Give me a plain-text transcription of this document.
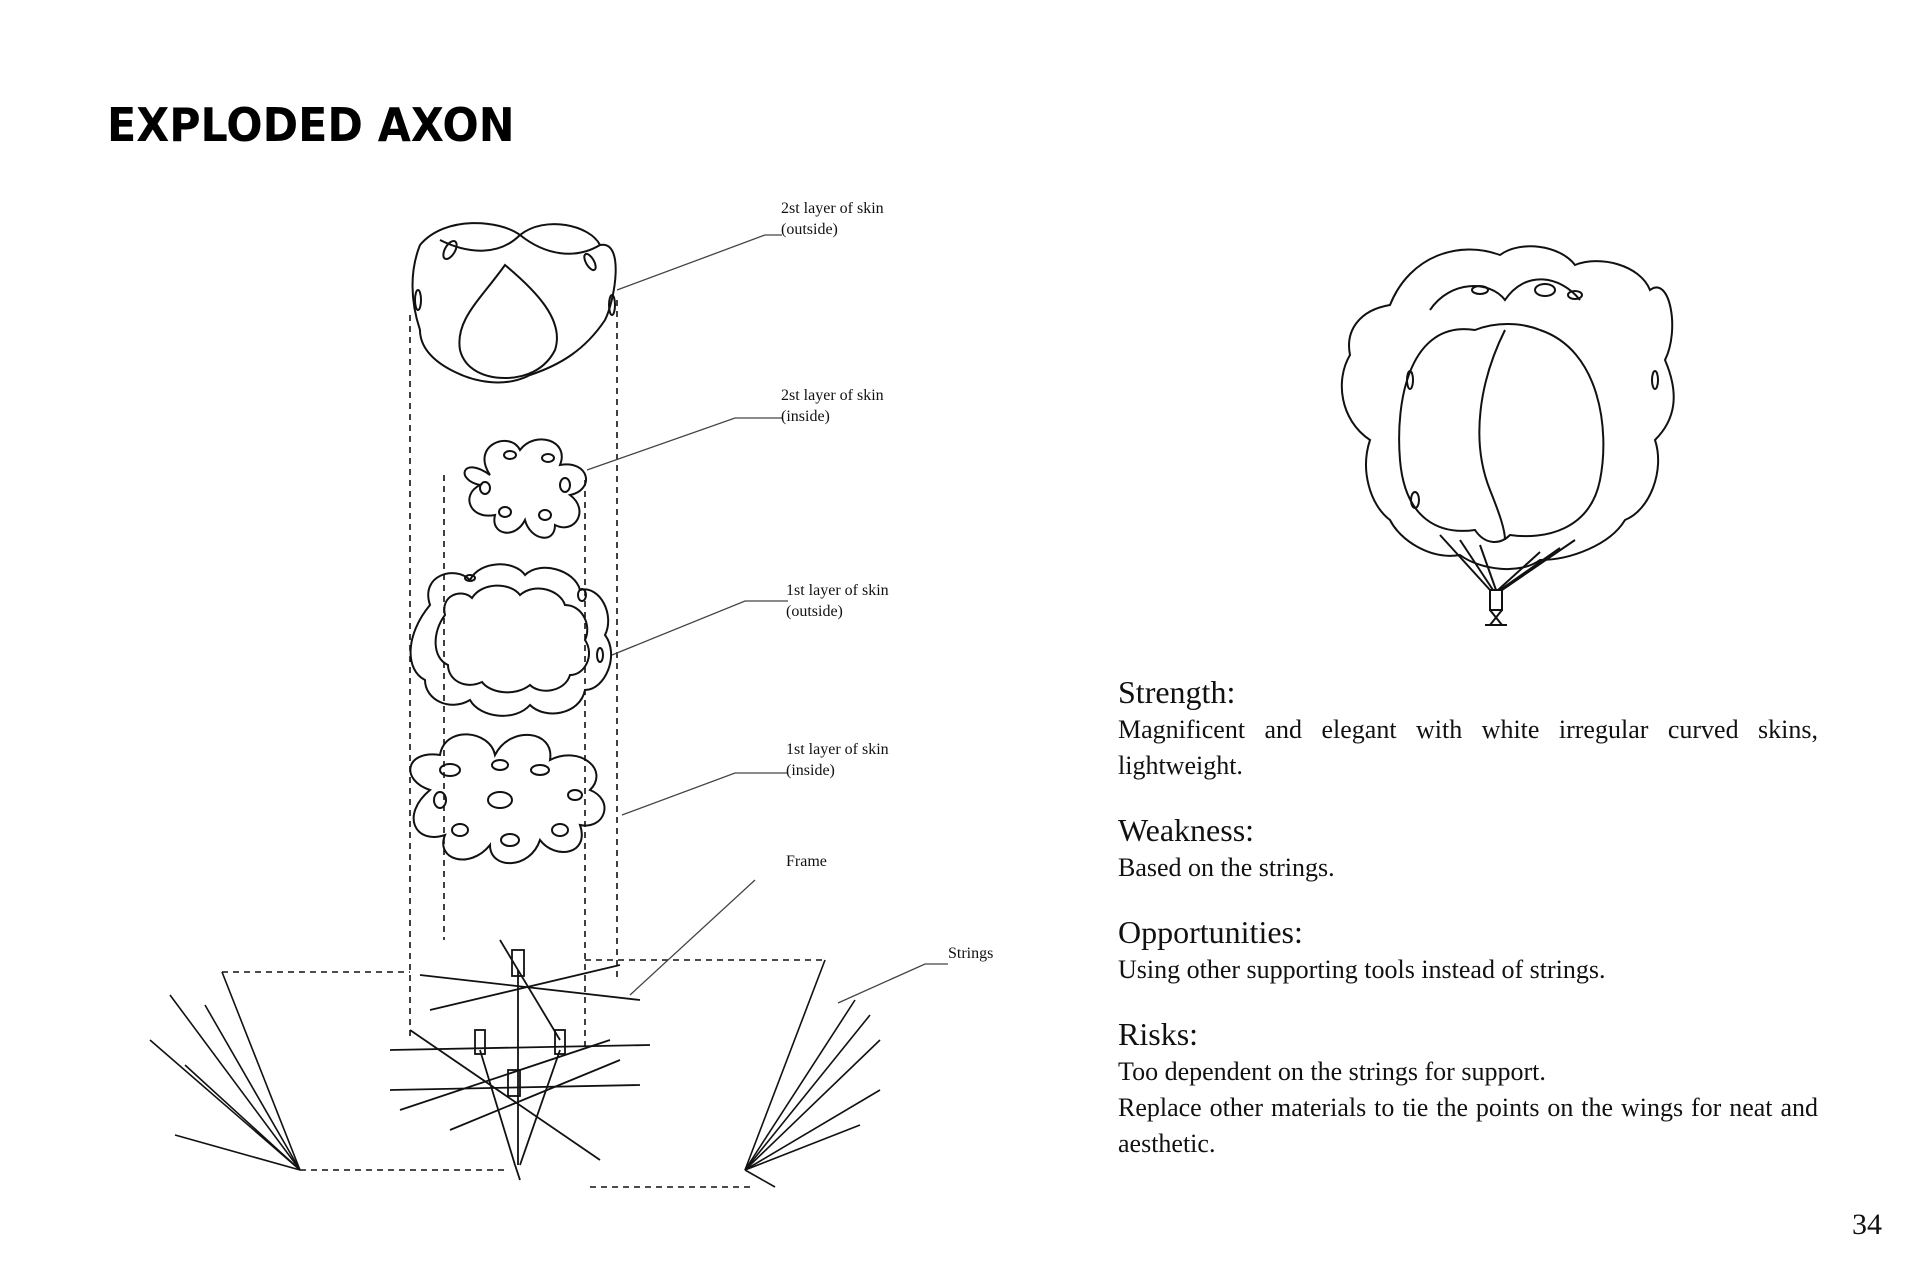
EXPLODED AXON
2st layer of skin
(outside)
2st layer of skin
(inside)
1st layer of skin
(outside)
1st layer of skin
(inside)
Frame
Strings
Strength:

Magnificent and elegant with white irregular curved skins, lightweight.

Weakness:

Based on the strings.

Opportunities:

Using other supporting tools instead of strings.

Risks:

Too dependent on the strings for support.

Replace other materials to tie the points on the wings for neat and aesthetic.

34
